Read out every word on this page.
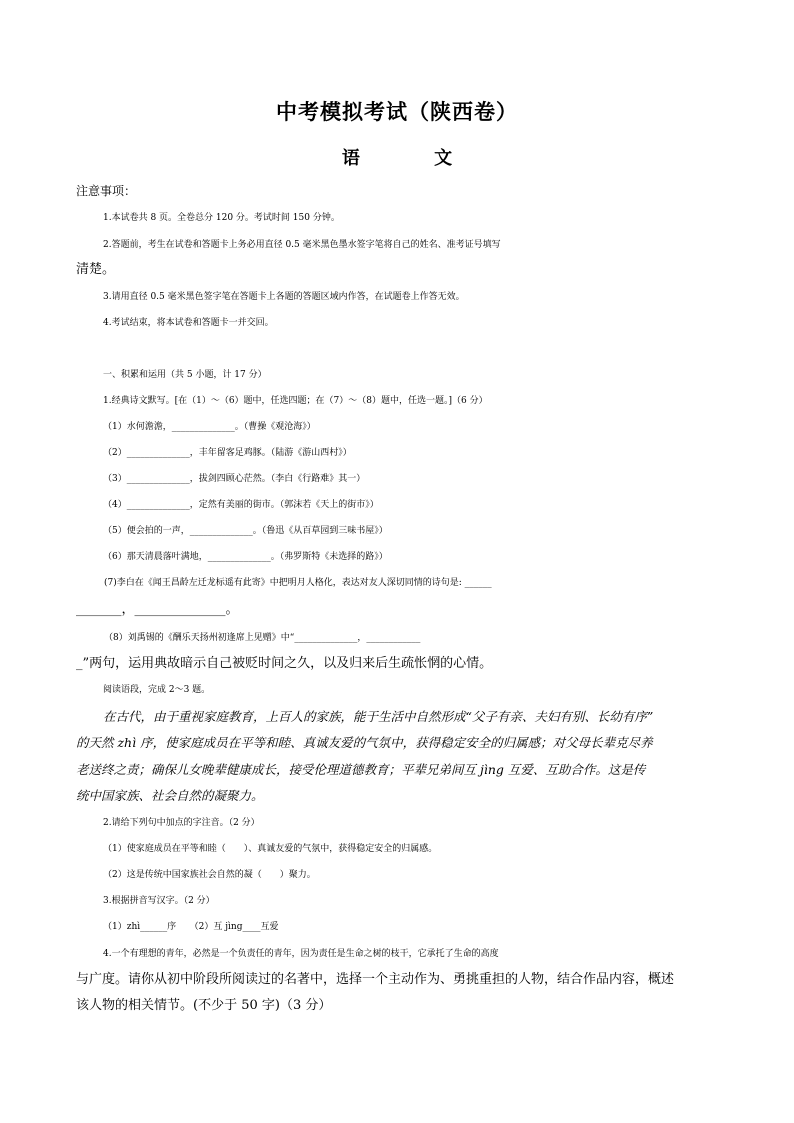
中考模拟考试（陕西卷）
语 文
注意事项：
1.本试卷共 8 页。全卷总分 120 分。考试时间 150 分钟。
2.答题前，考生在试卷和答题卡上务必用直径 0.5 毫米黑色墨水签字笔将自己的姓名、准考证号填写
清楚。
3.请用直径 0.5 毫米黑色签字笔在答题卡上各题的答题区域内作答，在试题卷上作答无效。
4.考试结束，将本试卷和答题卡一并交回。
一、积累和运用（共 5 小题，计 17 分）
1.经典诗文默写。[在（1）～（6）题中，任选四题；在（7）～（8）题中，任选一题。]（6 分）
（1）水何澹澹，______________。（曹操《观沧海》）
（2）______________，丰年留客足鸡豚。（陆游《游山西村》）
（3）______________，拔剑四顾心茫然。（李白《行路难》其一）
（4）______________，定然有美丽的街市。（郭沫若《天上的街市》）
（5）便会拍的一声，______________。（鲁迅《从百草园到三味书屋》）
（6）那天清晨落叶满地，______________。（弗罗斯特《未选择的路》）
(7)李白在《闻王昌龄左迁龙标遥有此寄》中把明月人格化，表达对友人深切同情的诗句是: ______
_______，______________。
（8）刘禹锡的《酬乐天扬州初逢席上见赠》中“______________，____________
_”两句，运用典故暗示自己被贬时间之久，以及归来后生疏怅惘的心情。
阅读语段，完成 2～3 题。
在古代，由于重视家庭教育，上百人的家族，能于生活中自然形成“父子有亲、夫妇有别、长幼有序”
的天然 zhì 序，使家庭成员在平等和睦、真诚友爱的气氛中，获得稳定安全的归属感；对父母长辈克尽养
老送终之责；确保儿女晚辈健康成长，接受伦理道德教育；平辈兄弟间互 jìng 互爱、互助合作。这是传
统中国家族、社会自然的凝聚力。
2.请给下列句中加点的字注音。（2 分）
（1）使家庭成员在平等和睦（　　）、真诚友爱的气氛中，获得稳定安全的归属感。
（2）这是传统中国家族社会自然的凝（　　）聚力。
3.根据拼音写汉字。（2 分）
（1）zhì______序　　（2）互 jìng____互爱
4.一个有理想的青年，必然是一个负责任的青年，因为责任是生命之树的枝干，它承托了生命的高度
与广度。请你从初中阶段所阅读过的名著中，选择一个主动作为、勇挑重担的人物，结合作品内容，概述
该人物的相关情节。(不少于 50 字)（3 分）
